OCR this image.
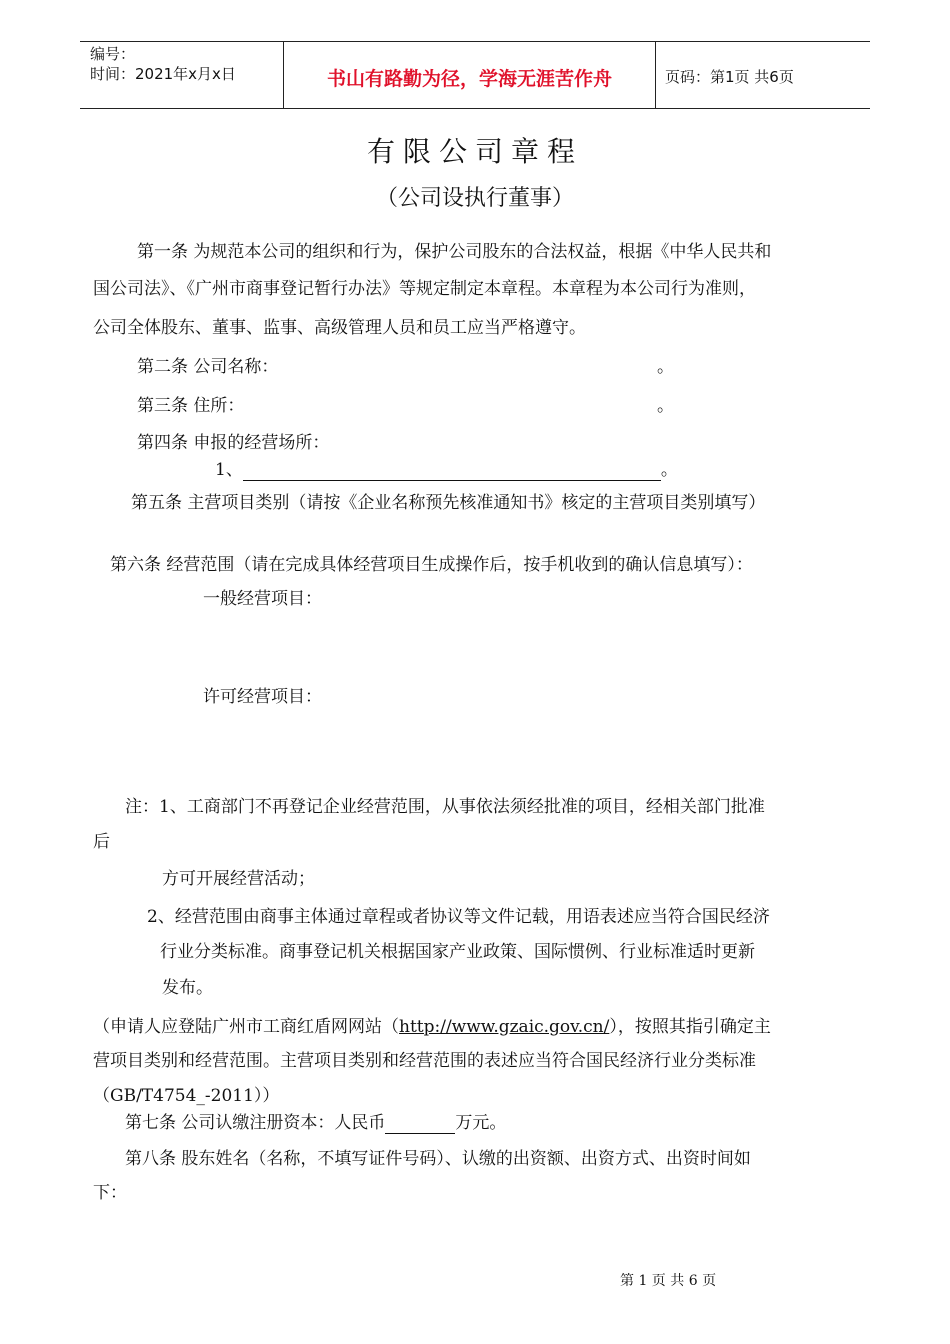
编号：
时间：2021年x月x日	书山有路勤为径，学海无涯苦作舟	页码：第1页 共6页
有限公司章程
（公司设执行董事）
第一条 为规范本公司的组织和行为，保护公司股东的合法权益，根据《中华人民共和
国公司法》、《广州市商事登记暂行办法》等规定制定本章程。本章程为本公司行为准则，
公司全体股东、董事、监事、高级管理人员和员工应当严格遵守。
第二条 公司名称：	。
第三条 住所：	。
第四条 申报的经营场所：
1、	。
第五条 主营项目类别（请按《企业名称预先核准通知书》核定的主营项目类别填写）
第六条 经营范围（请在完成具体经营项目生成操作后，按手机收到的确认信息填写）：
一般经营项目：
许可经营项目：
注：1、工商部门不再登记企业经营范围，从事依法须经批准的项目，经相关部门批准
后
方可开展经营活动；
2、经营范围由商事主体通过章程或者协议等文件记载，用语表述应当符合国民经济
行业分类标准。商事登记机关根据国家产业政策、国际惯例、行业标准适时更新
发布。
（申请人应登陆广州市工商红盾网网站（http://www.gzaic.gov.cn/），按照其指引确定主
营项目类别和经营范围。主营项目类别和经营范围的表述应当符合国民经济行业分类标准
（GB/T4754_-2011））
第七条 公司认缴注册资本：人民币	万元。
第八条 股东姓名（名称，不填写证件号码）、认缴的出资额、出资方式、出资时间如
下：
第 1 页 共 6 页
